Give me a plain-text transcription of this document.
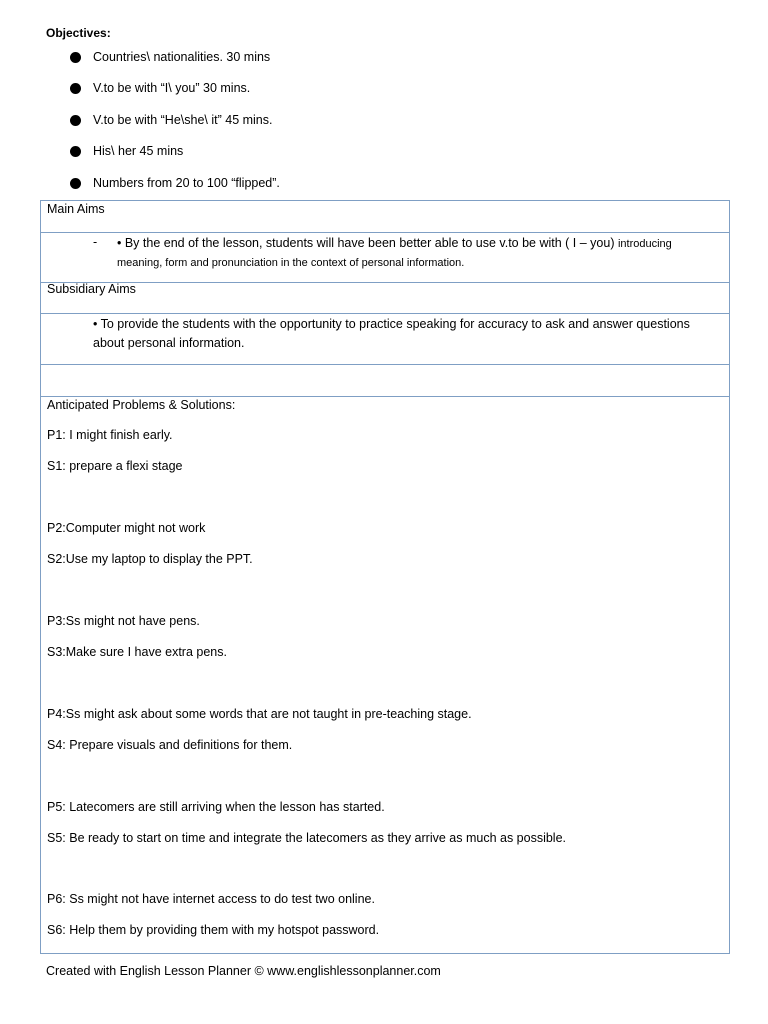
Objectives:
Countries\ nationalities. 30 mins
V.to be with “I\ you” 30 mins.
V.to be with “He\she\ it” 45 mins.
His\ her 45 mins
Numbers from 20 to 100 “flipped”.
Main Aims
- • By the end of the lesson, students will have been better able to use v.to be with ( I – you) introducing meaning, form and pronunciation in the context of personal information.
Subsidiary Aims
• To provide the students with the opportunity to practice speaking for accuracy to ask and answer questions about personal information.
Anticipated Problems & Solutions:
P1: I might finish early.
S1: prepare a flexi stage
P2:Computer might not work
S2:Use my laptop to display the PPT.
P3:Ss might not have pens.
S3:Make sure I have extra pens.
P4:Ss might ask about some words that are not taught in pre-teaching stage.
S4: Prepare visuals and definitions for them.
P5: Latecomers are still arriving when the lesson has started.
S5: Be ready to start on time and integrate the latecomers as they arrive as much as possible.
P6: Ss might not have internet access to do test two online.
S6: Help them by providing them with my hotspot password.
Created with English Lesson Planner © www.englishlessonplanner.com
